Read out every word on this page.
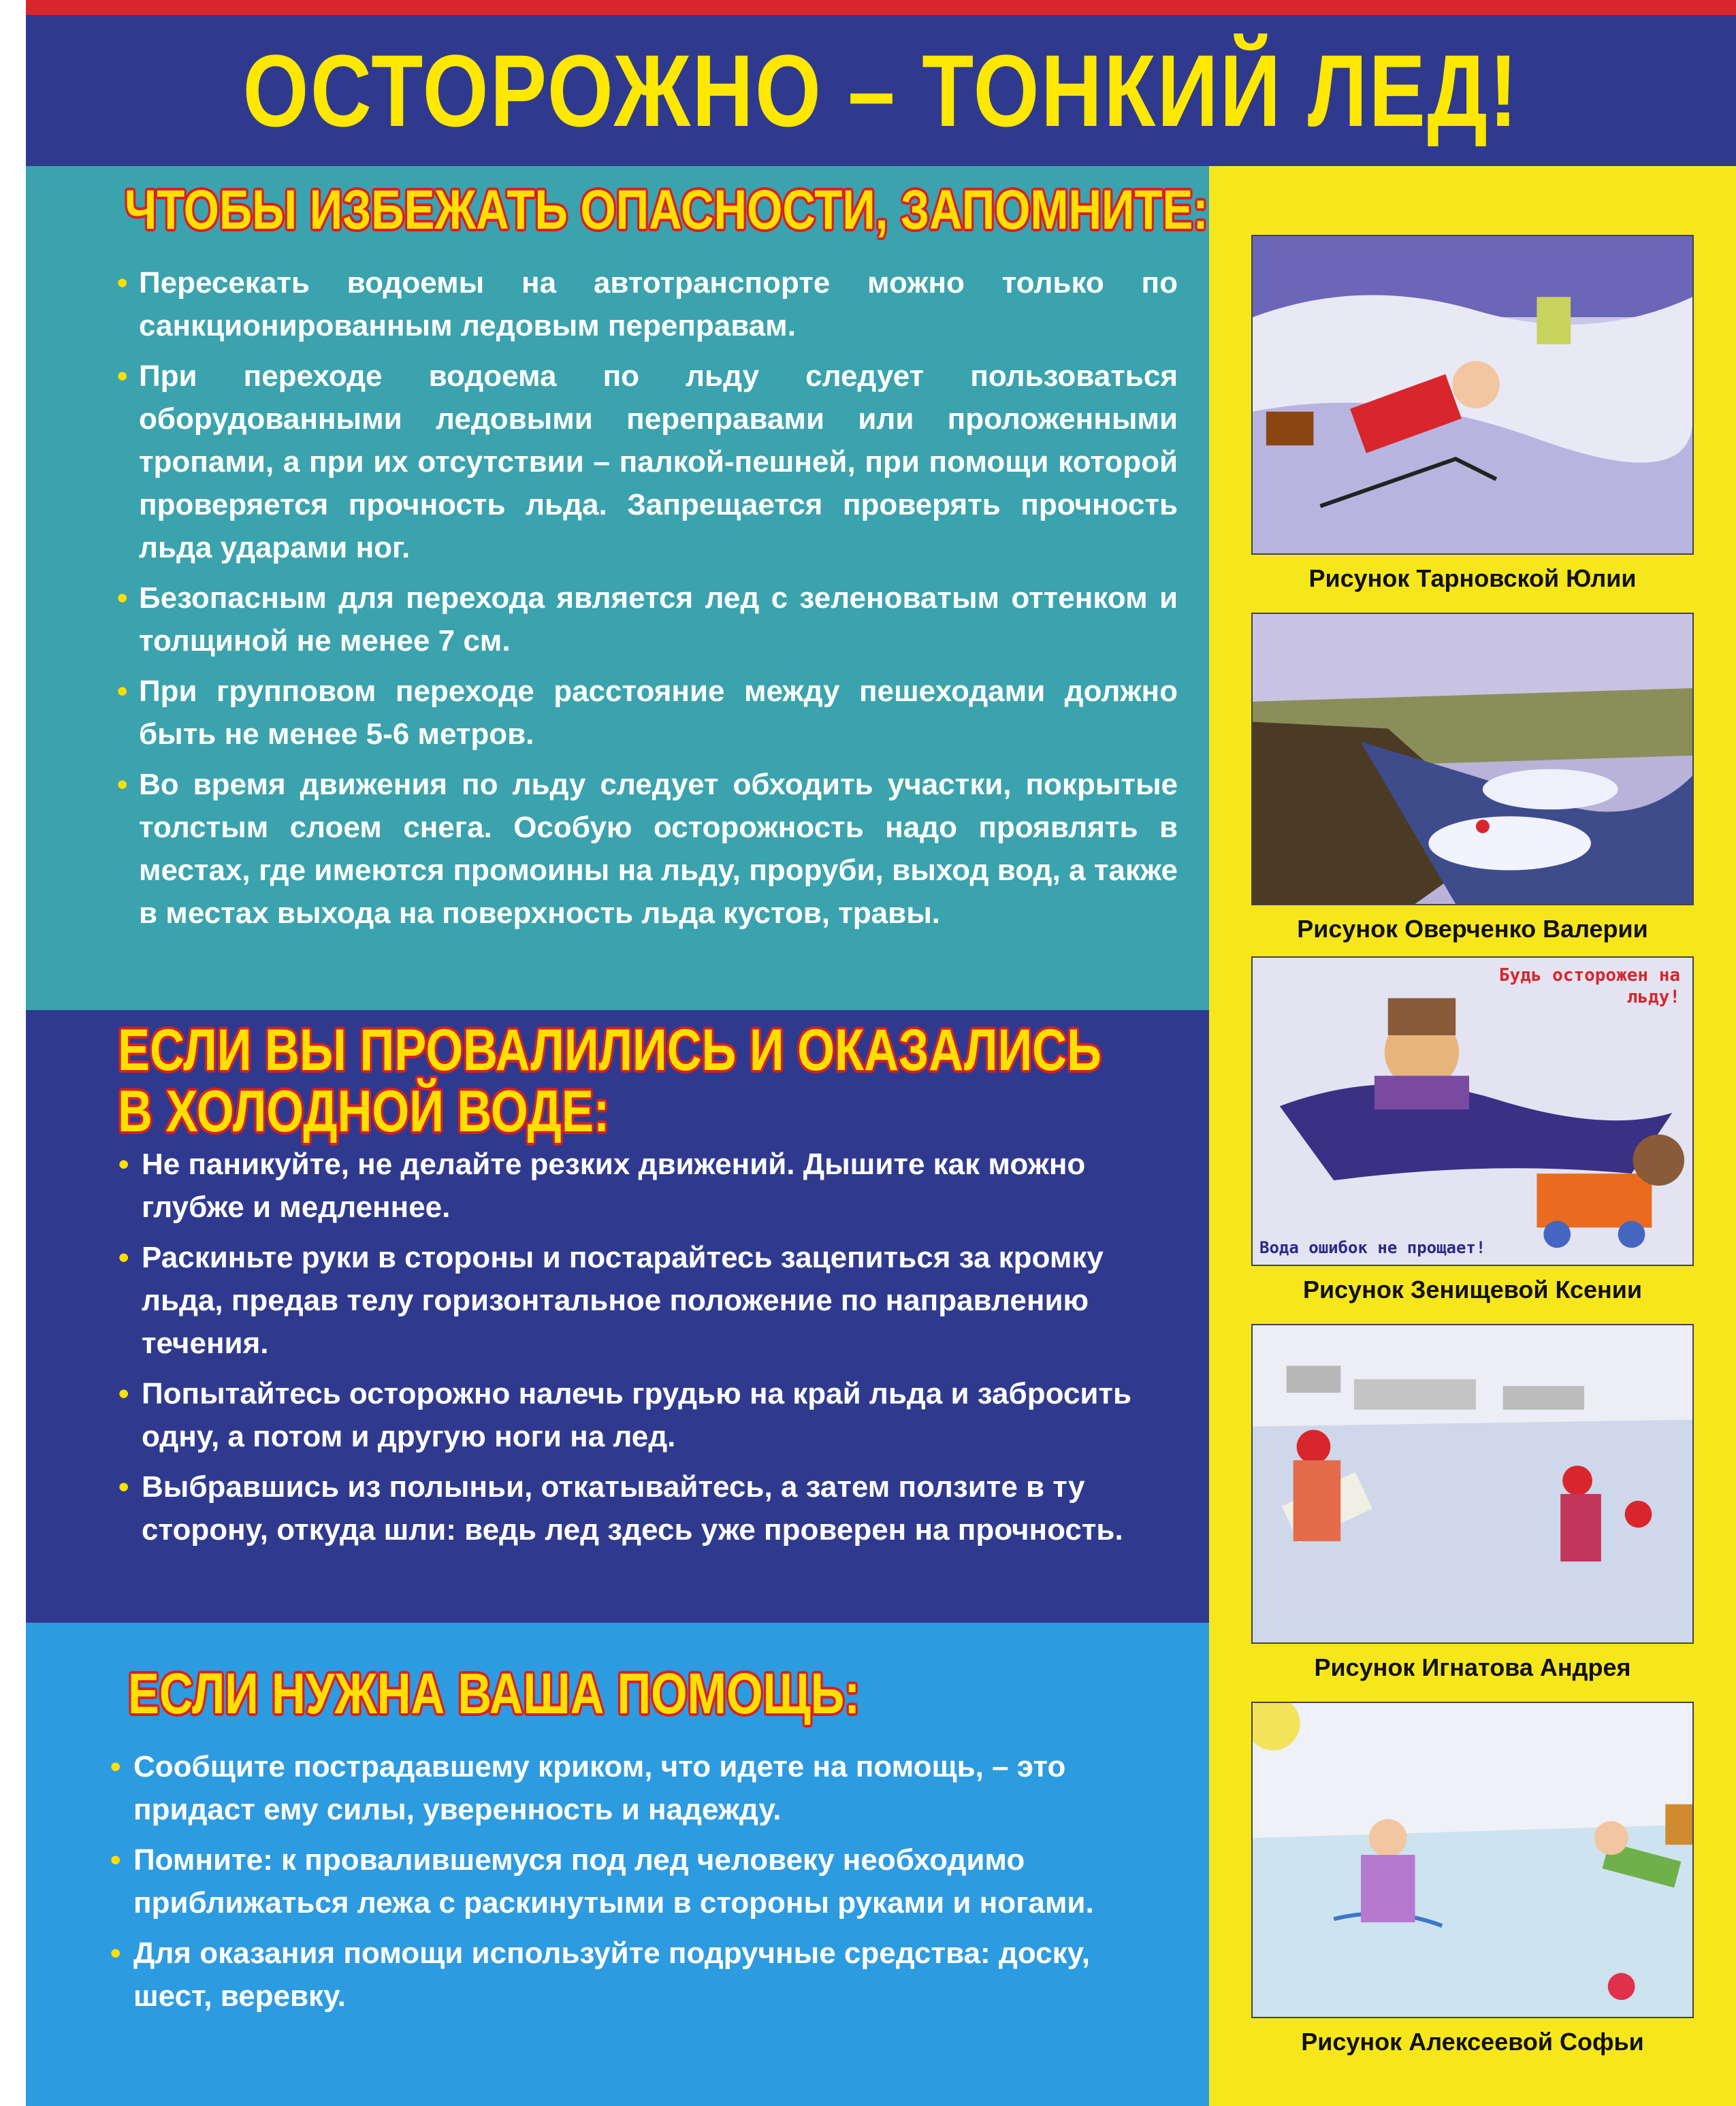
ОСТОРОЖНО – ТОНКИЙ ЛЕД!
ЧТОБЫ ИЗБЕЖАТЬ ОПАСНОСТИ, ЗАПОМНИТЕ:
• Пересекать водоемы на автотранспорте можно только по санкционированным ледовым переправам.
• При переходе водоема по льду следует пользоваться оборудованными ледовыми переправами или проложенными тропами, а при их отсутствии – палкой-пешней, при помощи которой проверяется прочность льда. Запрещается проверять прочность льда ударами ног.
• Безопасным для перехода является лед с зеленоватым оттенком и толщиной не менее 7 см.
• При групповом переходе расстояние между пешеходами должно быть не менее 5-6 метров.
• Во время движения по льду следует обходить участки, покрытые толстым слоем снега. Особую осторожность надо проявлять в местах, где имеются промоины на льду, проруби, выход вод, а также в местах выхода на поверхность льда кустов, травы.
ЕСЛИ ВЫ ПРОВАЛИЛИСЬ И ОКАЗАЛИСЬ
В ХОЛОДНОЙ ВОДЕ:
• Не паникуйте, не делайте резких движений. Дышите как можно глубже и медленнее.
• Раскиньте руки в стороны и постарайтесь зацепиться за кромку льда, предав телу горизонтальное положение по направлению течения.
• Попытайтесь осторожно налечь грудью на край льда и забросить одну, а потом и другую ноги на лед.
• Выбравшись из полыньи, откатывайтесь, а затем ползите в ту сторону, откуда шли: ведь лед здесь уже проверен на прочность.
ЕСЛИ НУЖНА ВАША ПОМОЩЬ:
• Сообщите пострадавшему криком, что идете на помощь, – это придаст ему силы, уверенность и надежду.
• Помните: к провалившемуся под лед человеку необходимо приближаться лежа с раскинутыми в стороны руками и ногами.
• Для оказания помощи используйте подручные средства: доску, шест, веревку.
Рисунок Тарновской Юлии
Рисунок Оверченко Валерии
Будь осторожен на льду!
Вода ошибок не прощает!
Рисунок Зенищевой Ксении
Рисунок Игнатова Андрея
Рисунок Алексеевой Софьи
